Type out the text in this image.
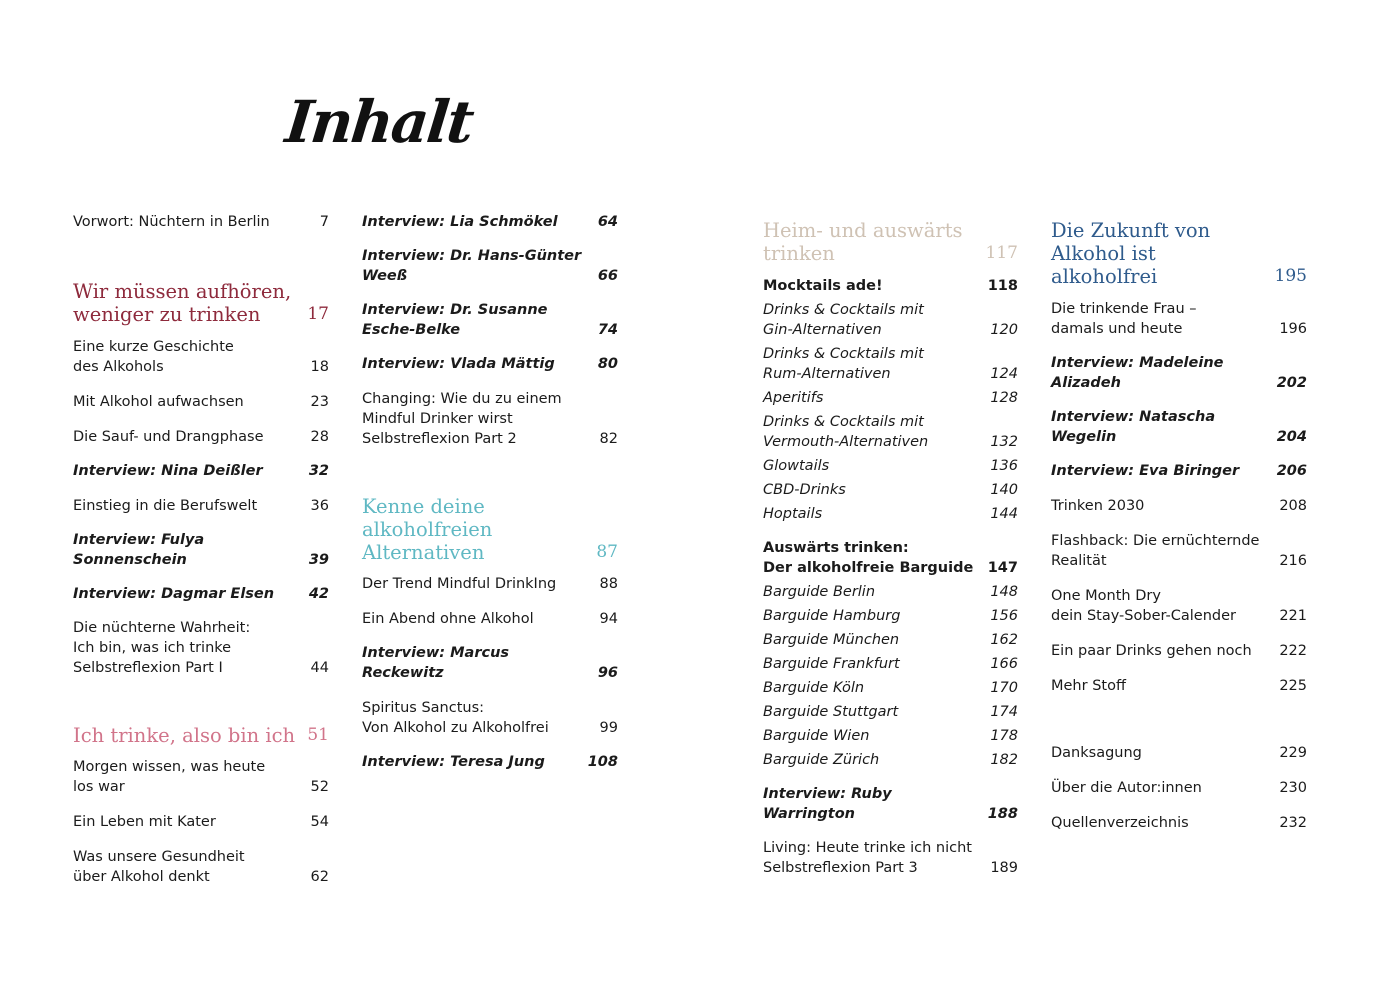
Inhalt
Vorwort: Nüchtern in Berlin	7
Wir müssen aufhören,
weniger zu trinken	17
Eine kurze Geschichte
des Alkohols	18
Mit Alkohol aufwachsen	23
Die Sauf- und Drangphase	28
Interview: Nina Deißler	32
Einstieg in die Berufswelt	36
Interview: Fulya Sonnenschein	39
Interview: Dagmar Elsen	42
Die nüchterne Wahrheit:
Ich bin, was ich trinke
Selbstreflexion Part I	44
Ich trinke, also bin ich 51
Morgen wissen, was heute
los war	52
Ein Leben mit Kater	54
Was unsere Gesundheit
über Alkohol denkt	62
Interview: Lia Schmökel	64
Interview: Dr. Hans-Günter Weeß	66
Interview: Dr. Susanne
Esche-Belke	74
Interview: Vlada Mättig	80
Changing: Wie du zu einem
Mindful Drinker wirst
Selbstreflexion Part 2	82
Kenne deine alkoholfreien
Alternativen	87
Der Trend Mindful DrinkIng	88
Ein Abend ohne Alkohol	94
Interview: Marcus Reckewitz	96
Spiritus Sanctus:
Von Alkohol zu Alkoholfrei	99
Interview: Teresa Jung	108
Heim- und auswärts
trinken	117
Mocktails ade!	118
Drinks & Cocktails mit
Gin-Alternativen	120
Drinks & Cocktails mit
Rum-Alternativen	124
Aperitifs	128
Drinks & Cocktails mit
Vermouth-Alternativen	132
Glowtails	136
CBD-Drinks	140
Hoptails	144
Auswärts trinken:
Der alkoholfreie Barguide 147
Barguide Berlin	148
Barguide Hamburg	156
Barguide München	162
Barguide Frankfurt	166
Barguide Köln	170
Barguide Stuttgart	174
Barguide Wien	178
Barguide Zürich	182
Interview: Ruby Warrington	188
Living: Heute trinke ich nicht
Selbstreflexion Part 3	189
Die Zukunft von Alkohol ist
alkoholfrei	195
Die trinkende Frau –
damals und heute	196
Interview: Madeleine Alizadeh	202
Interview: Natascha Wegelin	204
Interview: Eva Biringer	206
Trinken 2030	208
Flashback: Die ernüchternde
Realität	216
One Month Dry
dein Stay-Sober-Calender	221
Ein paar Drinks gehen noch	222
Mehr Stoff	225
Danksagung	229
Über die Autor:innen	230
Quellenverzeichnis	232
